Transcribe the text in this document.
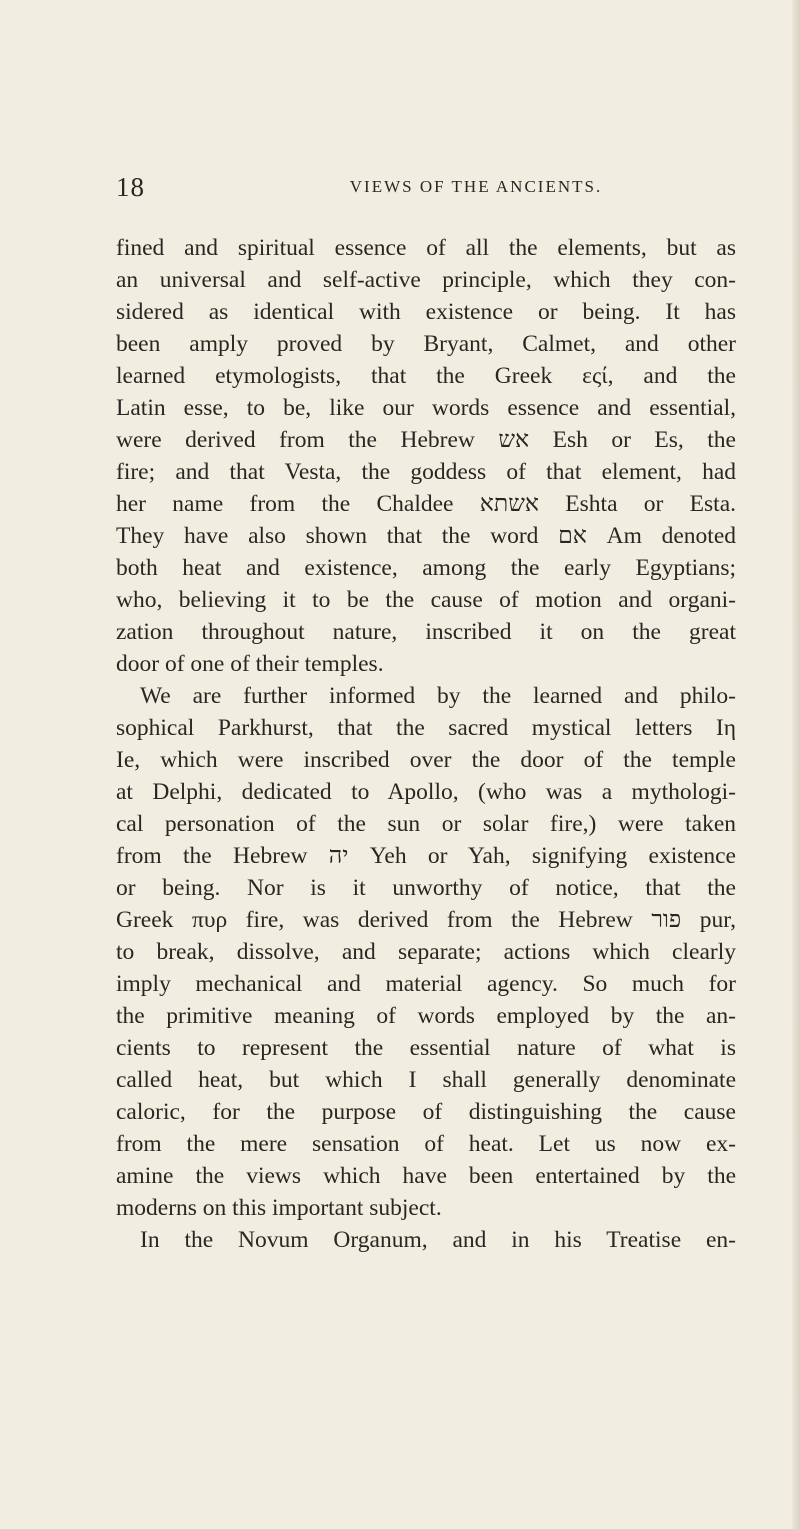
18	VIEWS OF THE ANCIENTS.
fined and spiritual essence of all the elements, but as
an universal and self-active principle, which they con-
sidered as identical with existence or being. It has
been amply proved by Bryant, Calmet, and other
learned etymologists, that the Greek εςί, and the
Latin esse, to be, like our words essence and essential,
were derived from the Hebrew אש Esh or Es, the
fire; and that Vesta, the goddess of that element, had
her name from the Chaldee אשתא Eshta or Esta.
They have also shown that the word אם Am denoted
both heat and existence, among the early Egyptians;
who, believing it to be the cause of motion and organi-
zation throughout nature, inscribed it on the great
door of one of their temples.
We are further informed by the learned and philo-
sophical Parkhurst, that the sacred mystical letters Iη
Ie, which were inscribed over the door of the temple
at Delphi, dedicated to Apollo, (who was a mythologi-
cal personation of the sun or solar fire,) were taken
from the Hebrew יה Yeh or Yah, signifying existence
or being. Nor is it unworthy of notice, that the
Greek πυρ fire, was derived from the Hebrew פור pur,
to break, dissolve, and separate; actions which clearly
imply mechanical and material agency. So much for
the primitive meaning of words employed by the an-
cients to represent the essential nature of what is
called heat, but which I shall generally denominate
caloric, for the purpose of distinguishing the cause
from the mere sensation of heat. Let us now ex-
amine the views which have been entertained by the
moderns on this important subject.
In the Novum Organum, and in his Treatise en-
